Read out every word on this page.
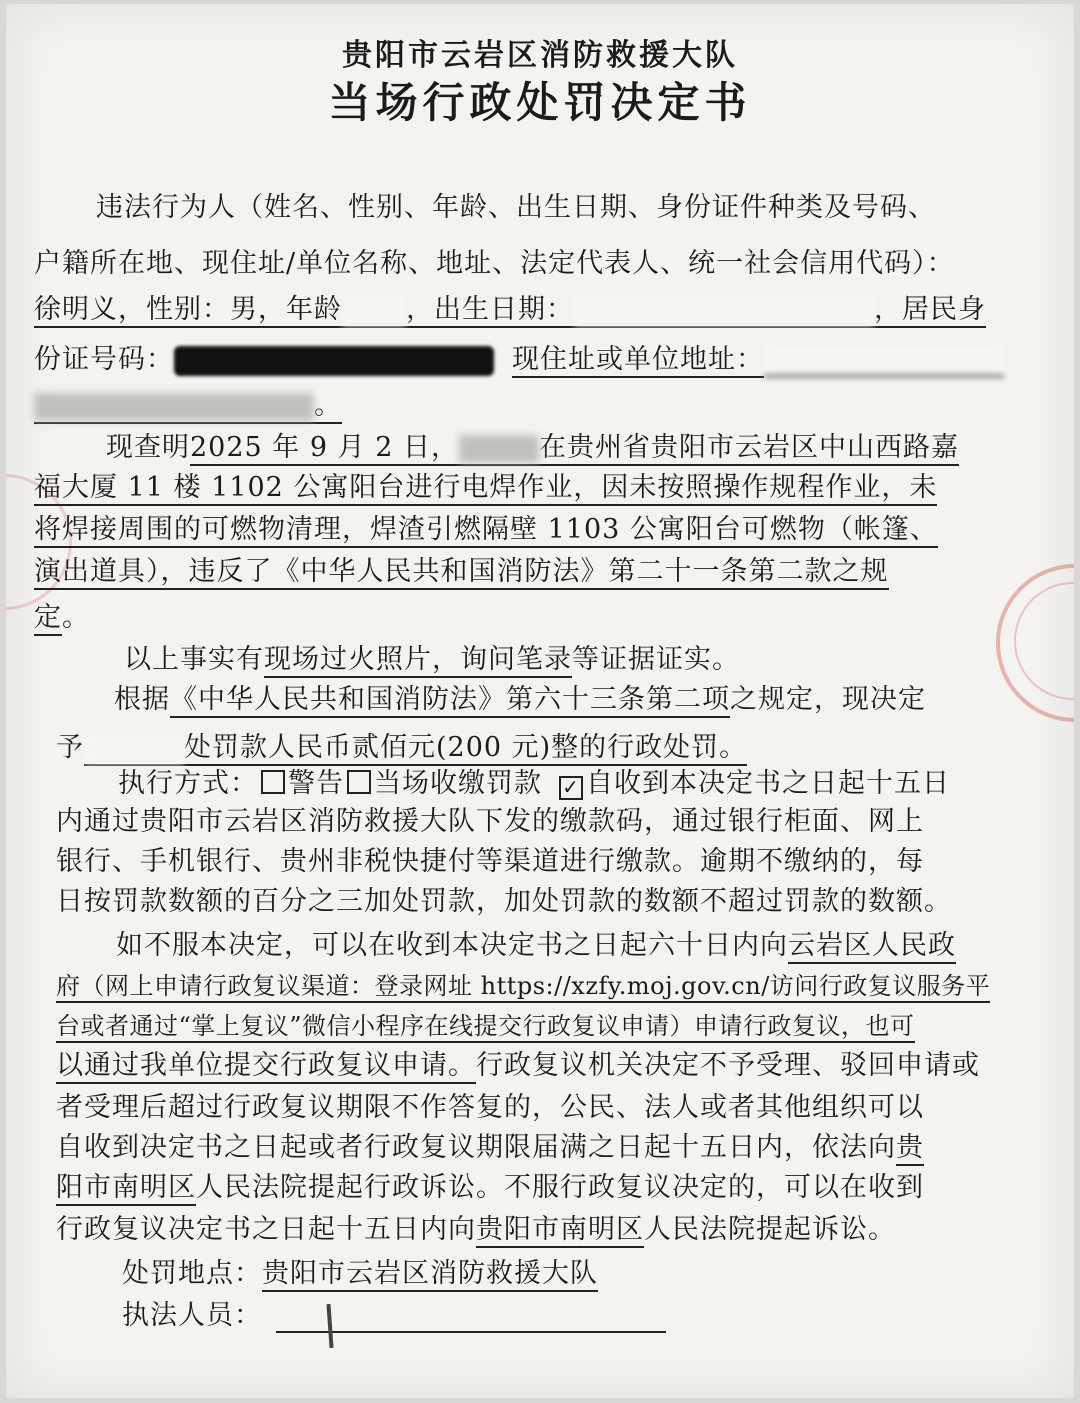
贵阳市云岩区消防救援大队
当场行政处罚决定书
违法行为人（姓名、性别、年龄、出生日期、身份证件种类及号码、
户籍所在地、现住址/单位名称、地址、法定代表人、统一社会信用代码）：
徐明义，性别：男，年龄 ，出生日期：	，居民身
份证号码：	现住址或单位地址：
。
现查明2025 年 9 月 2 日，	在贵州省贵阳市云岩区中山西路嘉
福大厦 11 楼 1102 公寓阳台进行电焊作业，因未按照操作规程作业，未
将焊接周围的可燃物清理，焊渣引燃隔壁 1103 公寓阳台可燃物（帐篷、
演出道具），违反了《中华人民共和国消防法》第二十一条第二款之规
定。
以上事实有现场过火照片，询问笔录等证据证实。
根据《中华人民共和国消防法》第六十三条第二项之规定，现决定
予	处罚款人民币贰佰元(200 元)整的行政处罚。
执行方式： 警告 当场收缴罚款 ✓ 自收到本决定书之日起十五日
内通过贵阳市云岩区消防救援大队下发的缴款码，通过银行柜面、网上
银行、手机银行、贵州非税快捷付等渠道进行缴款。逾期不缴纳的，每
日按罚款数额的百分之三加处罚款，加处罚款的数额不超过罚款的数额。
如不服本决定，可以在收到本决定书之日起六十日内向云岩区人民政
府（网上申请行政复议渠道：登录网址 https://xzfy.moj.gov.cn/访问行政复议服务平
台或者通过“掌上复议”微信小程序在线提交行政复议申请）申请行政复议，也可
以通过我单位提交行政复议申请。行政复议机关决定不予受理、驳回申请或
者受理后超过行政复议期限不作答复的，公民、法人或者其他组织可以
自收到决定书之日起或者行政复议期限届满之日起十五日内，依法向贵
阳市南明区人民法院提起行政诉讼。不服行政复议决定的，可以在收到
行政复议决定书之日起十五日内向贵阳市南明区人民法院提起诉讼。
处罚地点：贵阳市云岩区消防救援大队
执法人员：
